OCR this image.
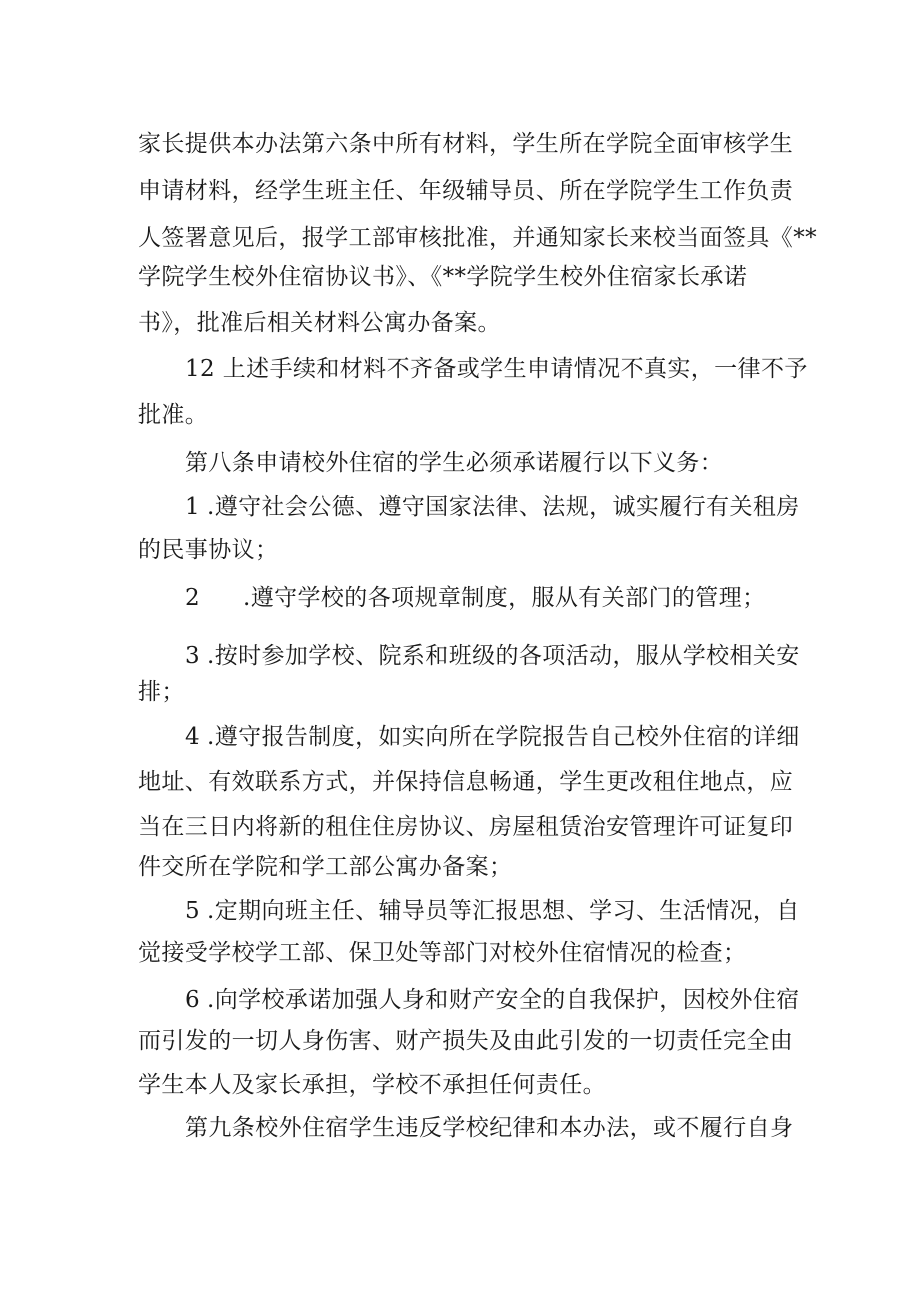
家长提供本办法第六条中所有材料，学生所在学院全面审核学生
申请材料，经学生班主任、年级辅导员、所在学院学生工作负责
人签署意见后，报学工部审核批准，并通知家长来校当面签具《**
学院学生校外住宿协议书》、《**学院学生校外住宿家长承诺
书》，批准后相关材料公寓办备案。
12 上述手续和材料不齐备或学生申请情况不真实，一律不予
批准。
第八条申请校外住宿的学生必须承诺履行以下义务：
1 .遵守社会公德、遵守国家法律、法规，诚实履行有关租房
的民事协议；
2 .遵守学校的各项规章制度，服从有关部门的管理；
3 .按时参加学校、院系和班级的各项活动，服从学校相关安
排；
4 .遵守报告制度，如实向所在学院报告自己校外住宿的详细
地址、有效联系方式，并保持信息畅通，学生更改租住地点，应
当在三日内将新的租住住房协议、房屋租赁治安管理许可证复印
件交所在学院和学工部公寓办备案；
5 .定期向班主任、辅导员等汇报思想、学习、生活情况，自
觉接受学校学工部、保卫处等部门对校外住宿情况的检查；
6 .向学校承诺加强人身和财产安全的自我保护，因校外住宿
而引发的一切人身伤害、财产损失及由此引发的一切责任完全由
学生本人及家长承担，学校不承担任何责任。
第九条校外住宿学生违反学校纪律和本办法，或不履行自身
